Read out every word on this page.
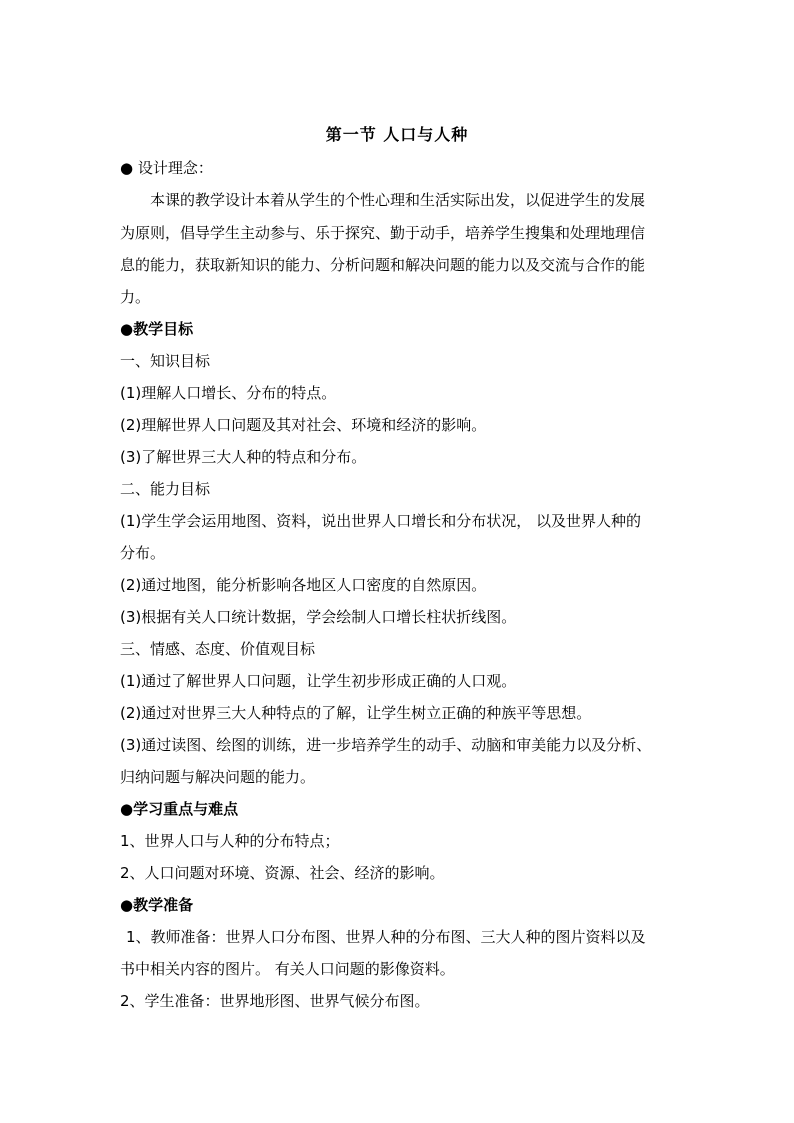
第一节 人口与人种
● 设计理念：
本课的教学设计本着从学生的个性心理和生活实际出发，以促进学生的发展
为原则，倡导学生主动参与、乐于探究、勤于动手，培养学生搜集和处理地理信
息的能力，获取新知识的能力、分析问题和解决问题的能力以及交流与合作的能
力。
●教学目标
一、知识目标
(1)理解人口增长、分布的特点。
(2)理解世界人口问题及其对社会、环境和经济的影响。
(3)了解世界三大人种的特点和分布。
二、能力目标
(1)学生学会运用地图、资料，说出世界人口增长和分布状况， 以及世界人种的
分布。
(2)通过地图，能分析影响各地区人口密度的自然原因。
(3)根据有关人口统计数据，学会绘制人口增长柱状折线图。
三、情感、态度、价值观目标
(1)通过了解世界人口问题，让学生初步形成正确的人口观。
(2)通过对世界三大人种特点的了解，让学生树立正确的种族平等思想。
(3)通过读图、绘图的训练，进一步培养学生的动手、动脑和审美能力以及分析、
归纳问题与解决问题的能力。
●学习重点与难点
1、世界人口与人种的分布特点；
2、人口问题对环境、资源、社会、经济的影响。
●教学准备
1、教师准备：世界人口分布图、世界人种的分布图、三大人种的图片资料以及
书中相关内容的图片。 有关人口问题的影像资料。
2、学生准备：世界地形图、世界气候分布图。
